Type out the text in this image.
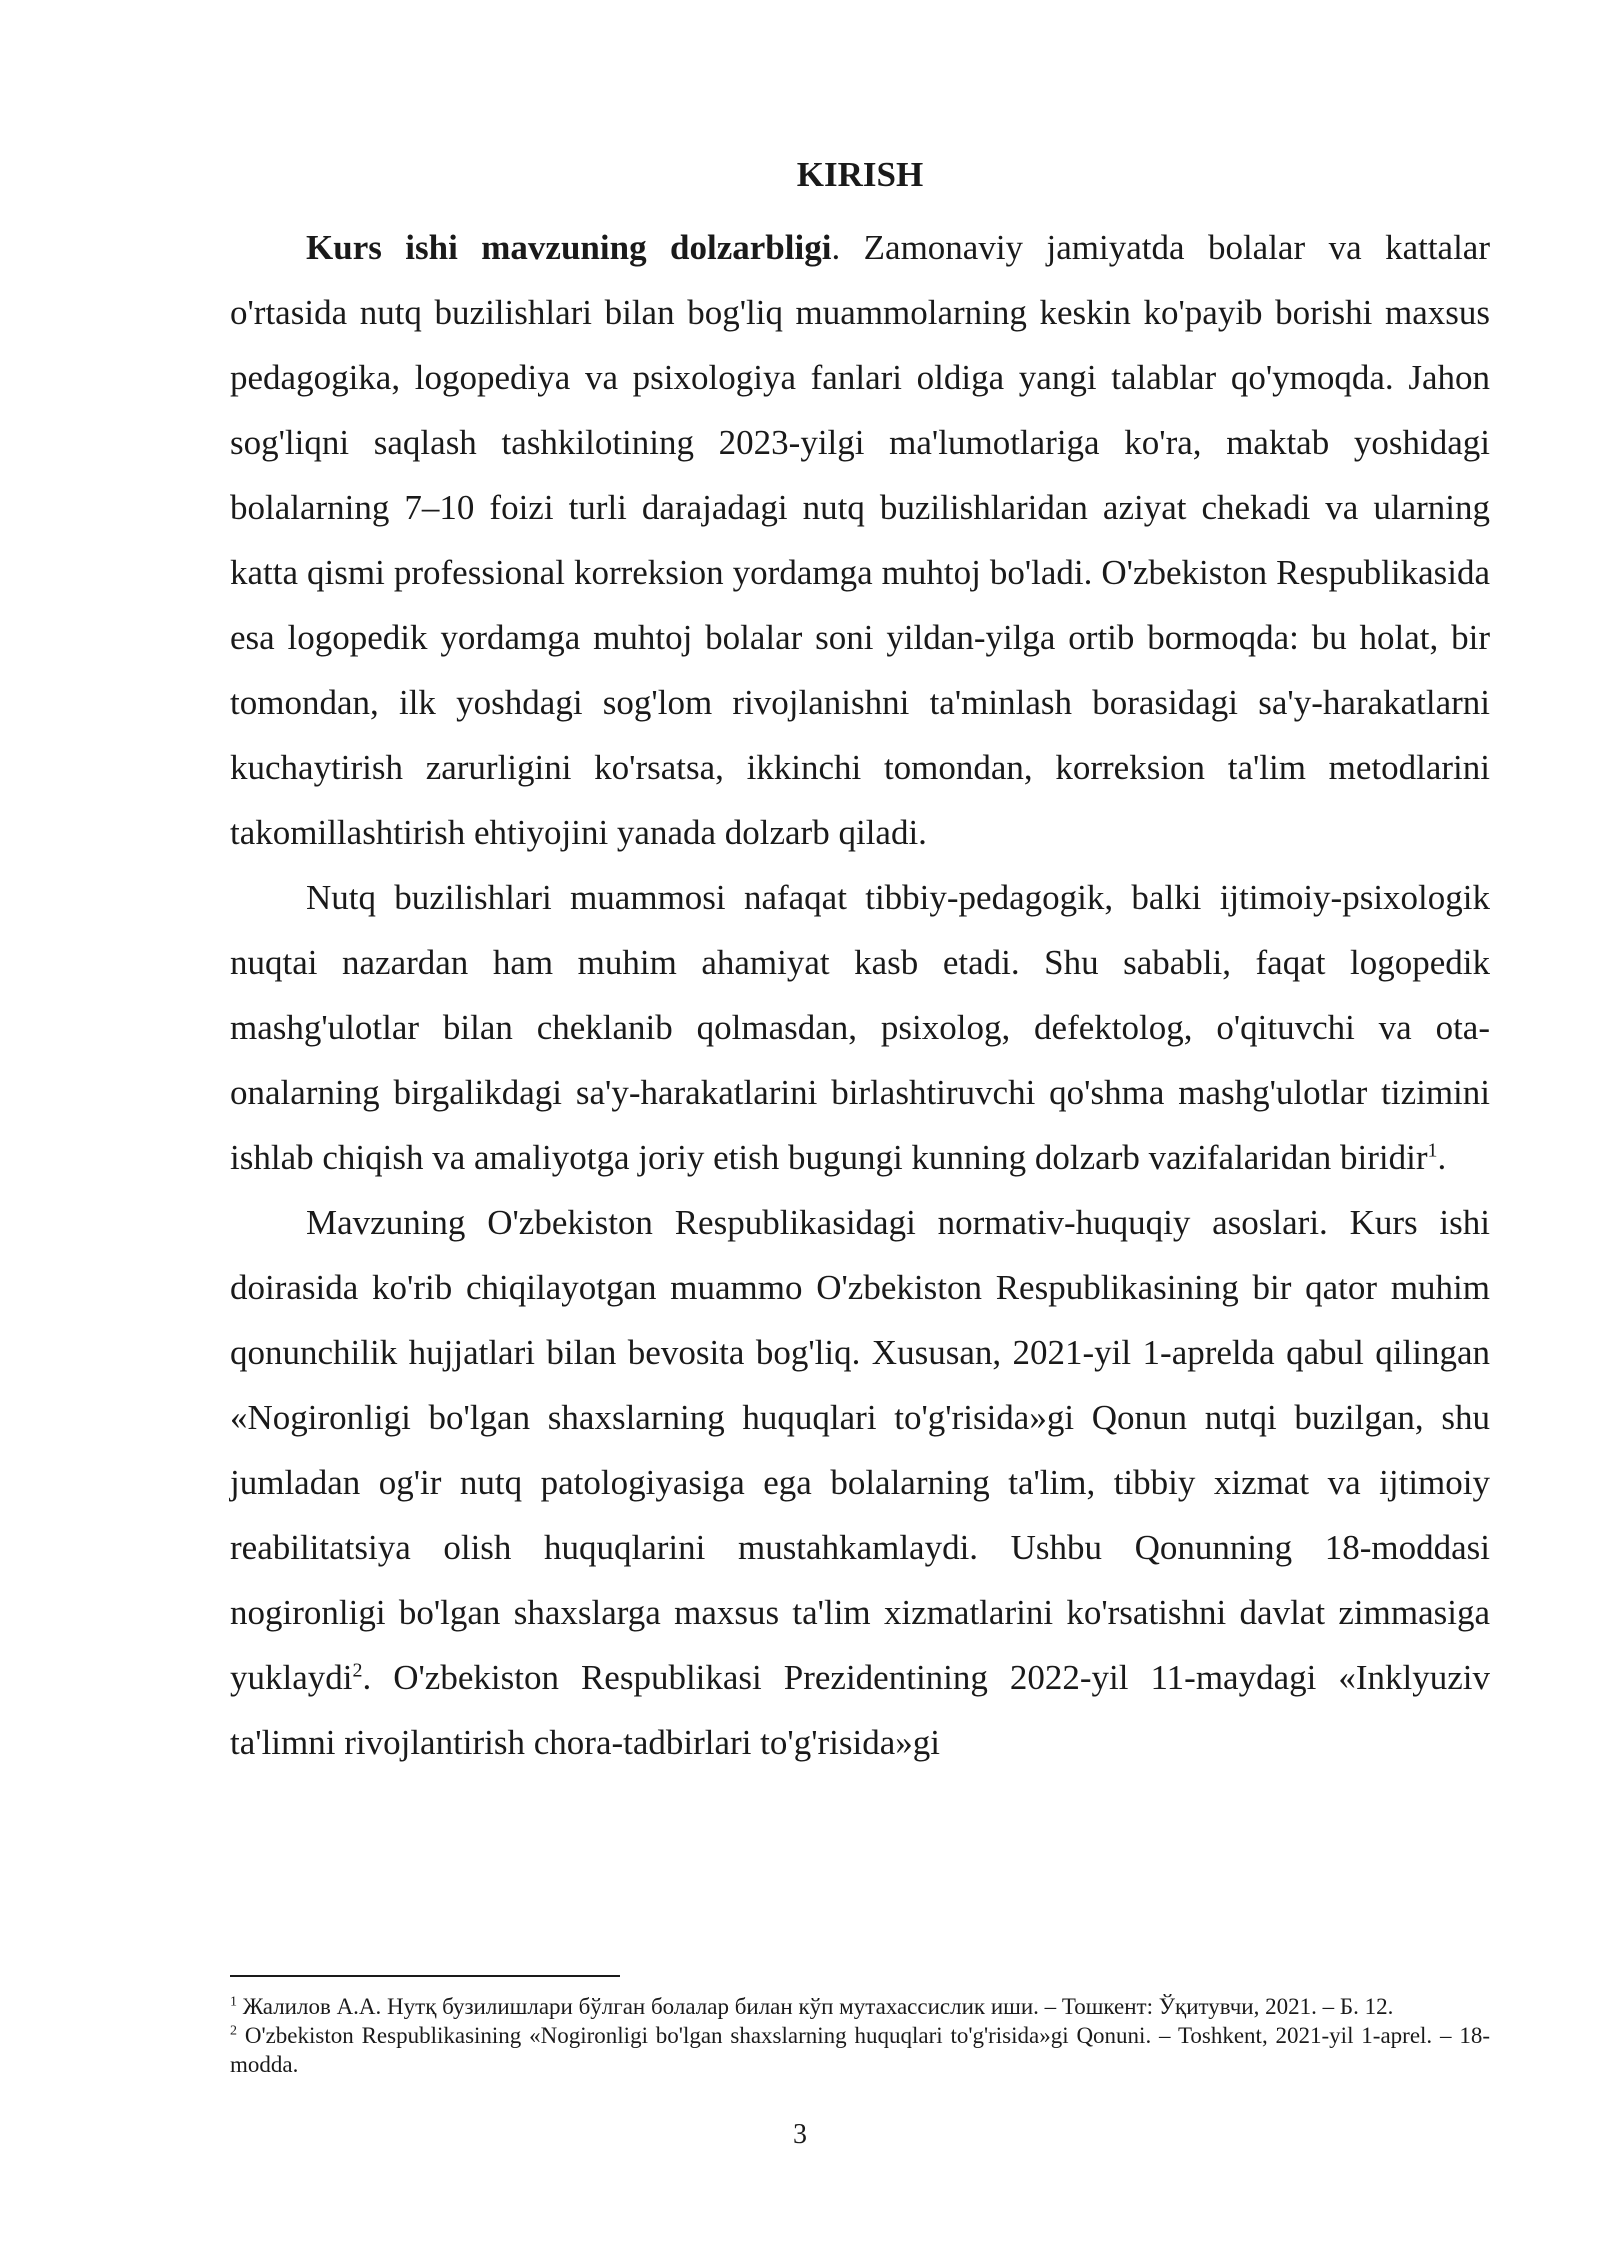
KIRISH

Kurs ishi mavzuning dolzarbligi. Zamonaviy jamiyatda bolalar va kattalar o'rtasida nutq buzilishlari bilan bog'liq muammolarning keskin ko'payib borishi maxsus pedagogika, logopediya va psixologiya fanlari oldiga yangi talablar qo'ymoqda. Jahon sog'liqni saqlash tashkilotining 2023-yilgi ma'lumotlariga ko'ra, maktab yoshidagi bolalarning 7–10 foizi turli darajadagi nutq buzilishlaridan aziyat chekadi va ularning katta qismi professional korreksion yordamga muhtoj bo'ladi. O'zbekiston Respublikasida esa logopedik yordamga muhtoj bolalar soni yildan-yilga ortib bormoqda: bu holat, bir tomondan, ilk yoshdagi sog'lom rivojlanishni ta'minlash borasidagi sa'y-harakatlarni kuchaytirish zarurligini ko'rsatsa, ikkinchi tomondan, korreksion ta'lim metodlarini takomillashtirish ehtiyojini yanada dolzarb qiladi.

Nutq buzilishlari muammosi nafaqat tibbiy-pedagogik, balki ijtimoiy-psixologik nuqtai nazardan ham muhim ahamiyat kasb etadi. Shu sababli, faqat logopedik mashg'ulotlar bilan cheklanib qolmasdan, psixolog, defektolog, o'qituvchi va ota-onalarning birgalikdagi sa'y-harakatlarini birlashtiruvchi qo'shma mashg'ulotlar tizimini ishlab chiqish va amaliyotga joriy etish bugungi kunning dolzarb vazifalaridan biridir$^1$.

Mavzuning O'zbekiston Respublikasidagi normativ-huquqiy asoslari. Kurs ishi doirasida ko'rib chiqilayotgan muammo O'zbekiston Respublikasining bir qator muhim qonunchilik hujjatlari bilan bevosita bog'liq. Xususan, 2021-yil 1-aprelda qabul qilingan «Nogironligi bo'lgan shaxslarning huquqlari to'g'risida»gi Qonun nutqi buzilgan, shu jumladan og'ir nutq patologiyasiga ega bolalarning ta'lim, tibbiy xizmat va ijtimoiy reabilitatsiya olish huquqlarini mustahkamlaydi. Ushbu Qonunning 18-moddasi nogironligi bo'lgan shaxslarga maxsus ta'lim xizmatlarini ko'rsatishni davlat zimmasiga yuklaydi$^2$. O'zbekiston Respublikasi Prezidentining 2022-yil 11-maydagi «Inklyuziv ta'limni rivojlantirish chora-tadbirlari to'g'risida»gi

$^1$ Жалилов А.А. Нутқ бузилишлари бўлган болалар билан кўп мутахассислик иши. – Тошкент: Ўқитувчи, 2021. – Б. 12.

$^2$ O'zbekiston Respublikasining «Nogironligi bo'lgan shaxslarning huquqlari to'g'risida»gi Qonuni. – Toshkent, 2021-yil 1-aprel. – 18-modda.

3
